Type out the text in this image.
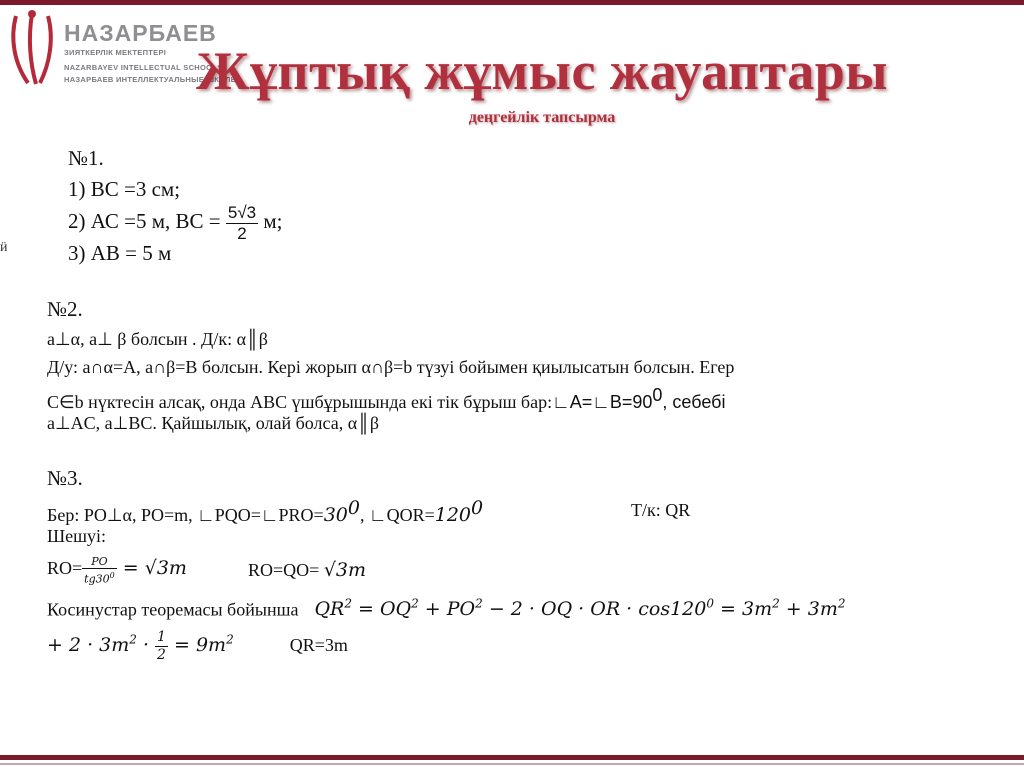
НАЗАРБАЕВ
ЗИЯТКЕРЛІК МЕКТЕПТЕРІ
NAZARBAYEV INTELLECTUAL SCHOOLS
НАЗАРБАЕВ ИНТЕЛЛЕКТУАЛЬНЫЕ ШКОЛЫ
Жұптық жұмыс жауаптары
деңгейлік тапсырма
ӥ
№1.
1) ВС =3 см;
2) АС =5 м, ВС = $\frac{5√3}{2} м$;
3) АВ = 5 м
№2.
a⊥α, a⊥ β болсын . Д/к: α║β
Д/у: a∩α=A, a∩β=B болсын. Кері жорып α∩β=b түзуі бойымен қиылысатын болсын. Егер
C∈b нүктесін алсақ, онда ABC үшбұрышында екі тік бұрыш $бар:∟A=∟B=90^0$, себебі
a⊥AC, a⊥BC. Қайшылық, олай болса, α║β
№3.
Бер: PO⊥α, PO=m, $∟PQO=∟PRO=30^0$, $∟QOR=120^0$	Т/к: QR
Шешуі:
$RO= \frac{PO}{tg30^0} = √3m$	RO=QO= √3m
Косинустар теоремасы бойынша $QR^2 = OQ^2 + PO^2 - 2$ · OQ · OR · $\cos 120^0 = 3m^2 + 3m^2$
+ $2 \cdot 3m^2 \cdot \frac{1}{2} = 9m^2$	QR=3m
